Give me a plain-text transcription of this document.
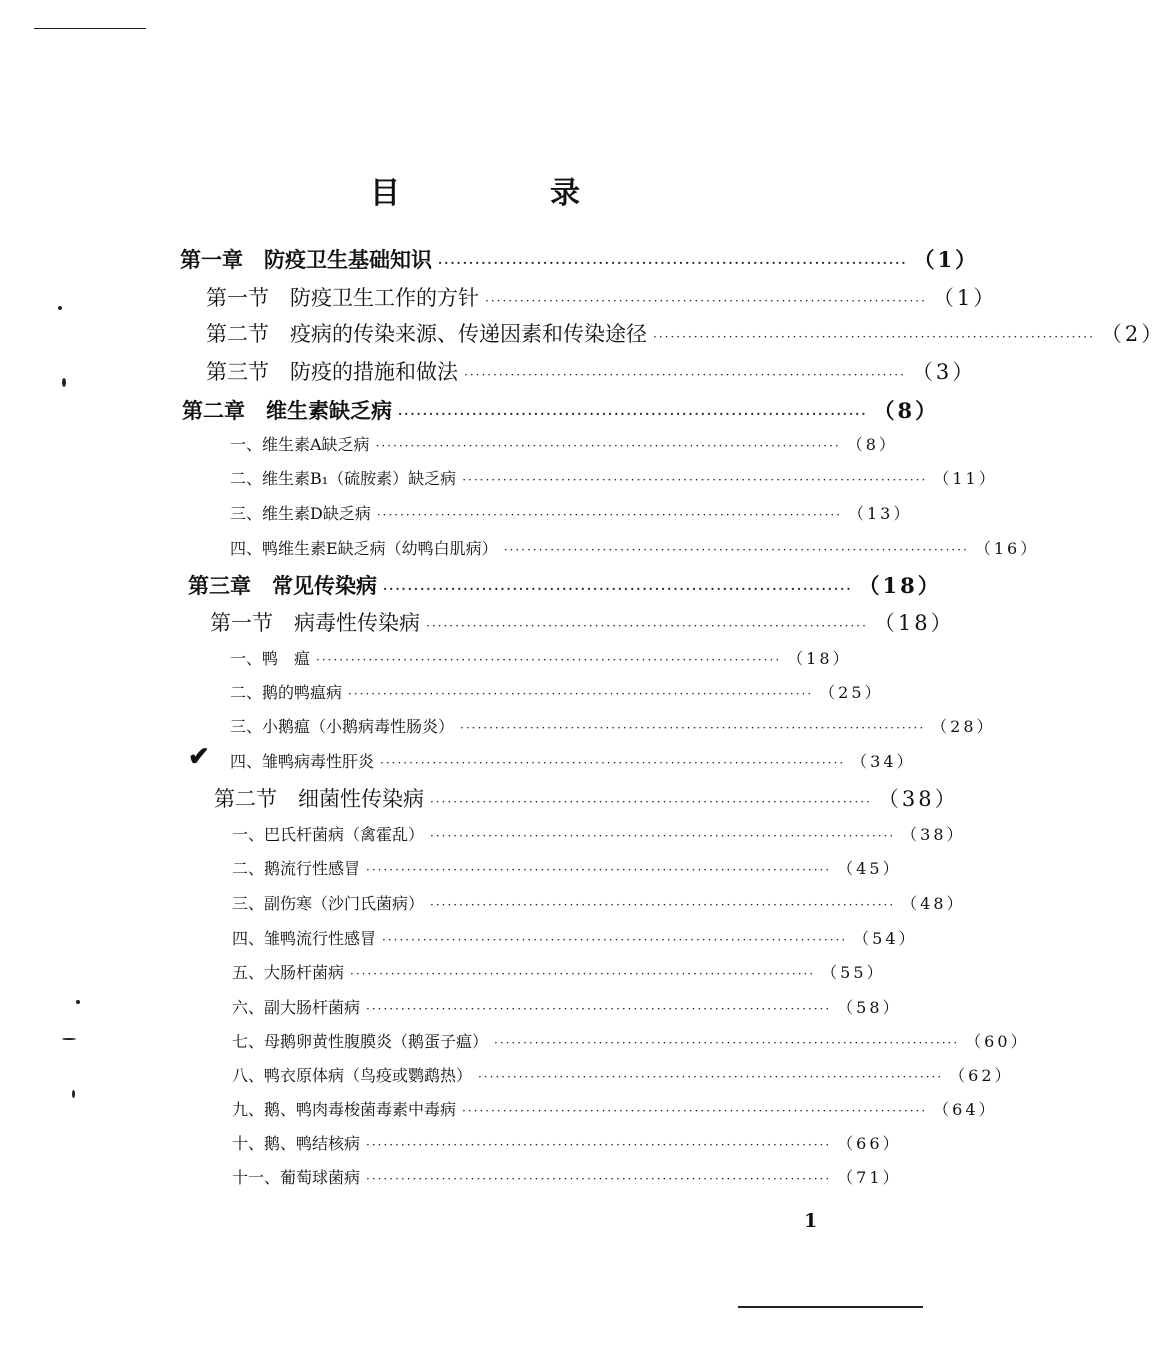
目　录
第一章　防疫卫生基础知识 ············································································ （1）
第一节　防疫卫生工作的方针 ············································································ （1）
第二节　疫病的传染来源、传递因素和传染途径 ············································································ （2）
第三节　防疫的措施和做法 ············································································ （3）
第二章　维生素缺乏病 ············································································ （8）
一、维生素A缺乏病 ················································································ （8）
二、维生素B₁（硫胺素）缺乏病 ················································································ （11）
三、维生素D缺乏病 ················································································ （13）
四、鸭维生素E缺乏病（幼鸭白肌病） ················································································ （16）
第三章　常见传染病 ············································································ （18）
第一节　病毒性传染病 ············································································ （18）
一、鸭　瘟 ················································································ （18）
二、鹅的鸭瘟病 ················································································ （25）
三、小鹅瘟（小鹅病毒性肠炎） ················································································ （28）
四、雏鸭病毒性肝炎 ················································································ （34）
第二节　细菌性传染病 ············································································ （38）
一、巴氏杆菌病（禽霍乱） ················································································ （38）
二、鹅流行性感冒 ················································································ （45）
三、副伤寒（沙门氏菌病） ················································································ （48）
四、雏鸭流行性感冒 ················································································ （54）
五、大肠杆菌病 ················································································ （55）
六、副大肠杆菌病 ················································································ （58）
七、母鹅卵黄性腹膜炎（鹅蛋子瘟） ················································································ （60）
八、鸭衣原体病（鸟疫或鹦鹉热） ················································································ （62）
九、鹅、鸭肉毒梭菌毒素中毒病 ················································································ （64）
十、鹅、鸭结核病 ················································································ （66）
十一、葡萄球菌病 ················································································ （71）
✔
1
